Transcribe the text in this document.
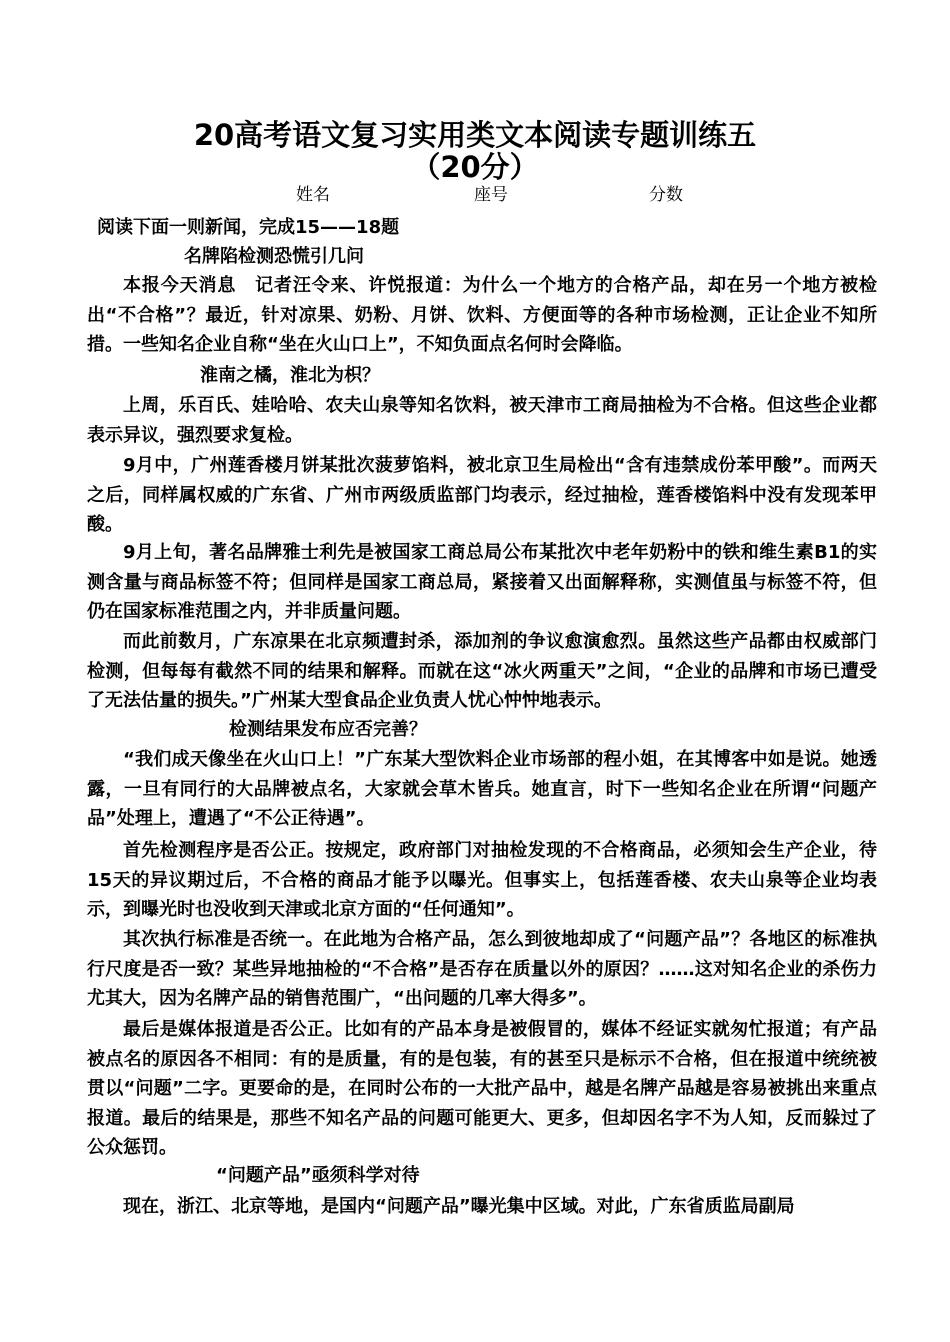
20高考语文复习实用类文本阅读专题训练五
（20分）
姓名	座号	分数
阅读下面一则新闻，完成15——18题
名牌陷检测恐慌引几问

本报今天消息　记者汪令来、许悦报道：为什么一个地方的合格产品，却在另一个地方被检出“不合格”？最近，针对凉果、奶粉、月饼、饮料、方便面等的各种市场检测，正让企业不知所措。一些知名企业自称“坐在火山口上”，不知负面点名何时会降临。

淮南之橘，淮北为枳？

上周，乐百氏、娃哈哈、农夫山泉等知名饮料，被天津市工商局抽检为不合格。但这些企业都表示异议，强烈要求复检。

9月中，广州莲香楼月饼某批次菠萝馅料，被北京卫生局检出“含有违禁成份苯甲酸”。而两天之后，同样属权威的广东省、广州市两级质监部门均表示，经过抽检，莲香楼馅料中没有发现苯甲酸。

9月上旬，著名品牌雅士利先是被国家工商总局公布某批次中老年奶粉中的铁和维生素B1的实测含量与商品标签不符；但同样是国家工商总局，紧接着又出面解释称，实测值虽与标签不符，但仍在国家标准范围之内，并非质量问题。

而此前数月，广东凉果在北京频遭封杀，添加剂的争议愈演愈烈。虽然这些产品都由权威部门检测，但每每有截然不同的结果和解释。而就在这“冰火两重天”之间，“企业的品牌和市场已遭受了无法估量的损失。”广州某大型食品企业负责人忧心忡忡地表示。

检测结果发布应否完善？

“我们成天像坐在火山口上！”广东某大型饮料企业市场部的程小姐，在其博客中如是说。她透露，一旦有同行的大品牌被点名，大家就会草木皆兵。她直言，时下一些知名企业在所谓“问题产品”处理上，遭遇了“不公正待遇”。

首先检测程序是否公正。按规定，政府部门对抽检发现的不合格商品，必须知会生产企业，待15天的异议期过后，不合格的商品才能予以曝光。但事实上，包括莲香楼、农夫山泉等企业均表示，到曝光时也没收到天津或北京方面的“任何通知”。

其次执行标准是否统一。在此地为合格产品，怎么到彼地却成了“问题产品”？各地区的标准执行尺度是否一致？某些异地抽检的“不合格”是否存在质量以外的原因？……这对知名企业的杀伤力尤其大，因为名牌产品的销售范围广，“出问题的几率大得多”。

最后是媒体报道是否公正。比如有的产品本身是被假冒的，媒体不经证实就匆忙报道；有产品被点名的原因各不相同：有的是质量，有的是包装，有的甚至只是标示不合格，但在报道中统统被贯以“问题”二字。更要命的是，在同时公布的一大批产品中，越是名牌产品越是容易被挑出来重点报道。最后的结果是，那些不知名产品的问题可能更大、更多，但却因名字不为人知，反而躲过了公众惩罚。

“问题产品”亟须科学对待

现在，浙江、北京等地，是国内“问题产品”曝光集中区域。对此，广东省质监局副局
